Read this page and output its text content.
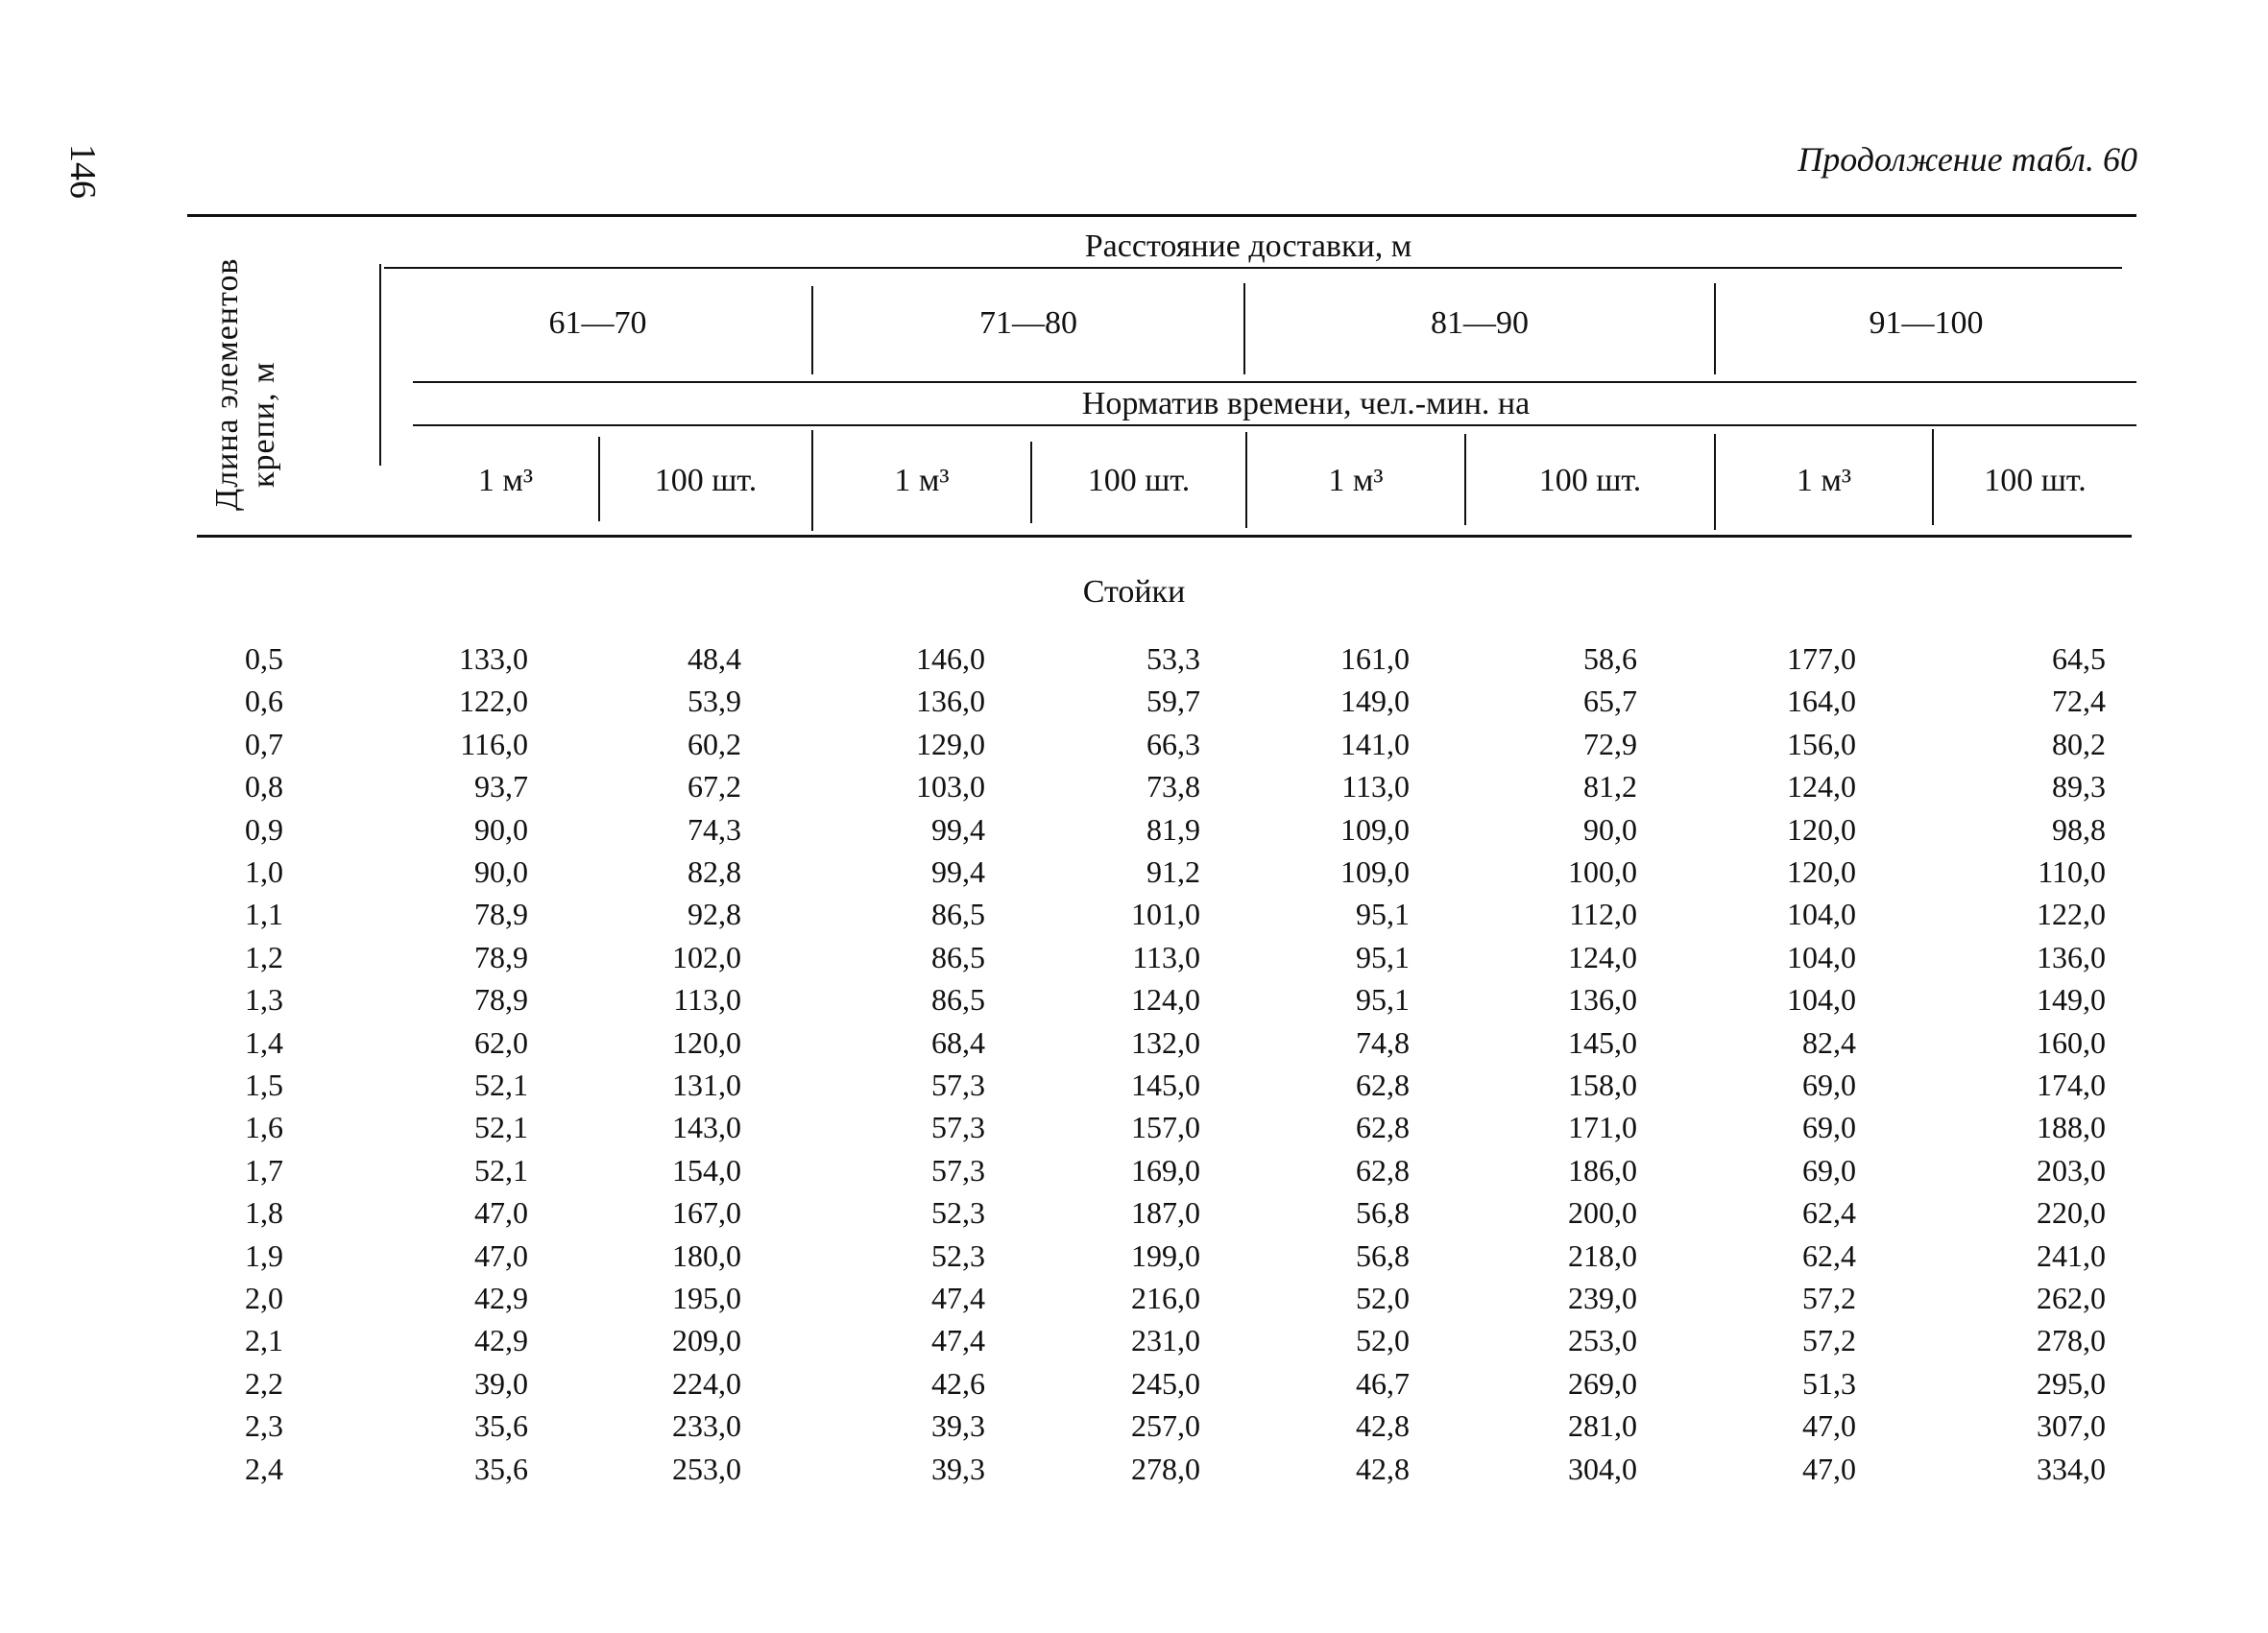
146	Продолжение табл. 60
Длина элементов крепи, м
Расстояние доставки, м
61—70	71—80	81—90	91—100
Норматив времени, чел.-мин. на
1 м³	100 шт.	1 м³	100 шт.	1 м³	100 шт.	1 м³	100 шт.
Стойки
0,5	133,0	48,4	146,0	53,3	161,0	58,6	177,0	64,5
0,6	122,0	53,9	136,0	59,7	149,0	65,7	164,0	72,4
0,7	116,0	60,2	129,0	66,3	141,0	72,9	156,0	80,2
0,8	93,7	67,2	103,0	73,8	113,0	81,2	124,0	89,3
0,9	90,0	74,3	99,4	81,9	109,0	90,0	120,0	98,8
1,0	90,0	82,8	99,4	91,2	109,0	100,0	120,0	110,0
1,1	78,9	92,8	86,5	101,0	95,1	112,0	104,0	122,0
1,2	78,9	102,0	86,5	113,0	95,1	124,0	104,0	136,0
1,3	78,9	113,0	86,5	124,0	95,1	136,0	104,0	149,0
1,4	62,0	120,0	68,4	132,0	74,8	145,0	82,4	160,0
1,5	52,1	131,0	57,3	145,0	62,8	158,0	69,0	174,0
1,6	52,1	143,0	57,3	157,0	62,8	171,0	69,0	188,0
1,7	52,1	154,0	57,3	169,0	62,8	186,0	69,0	203,0
1,8	47,0	167,0	52,3	187,0	56,8	200,0	62,4	220,0
1,9	47,0	180,0	52,3	199,0	56,8	218,0	62,4	241,0
2,0	42,9	195,0	47,4	216,0	52,0	239,0	57,2	262,0
2,1	42,9	209,0	47,4	231,0	52,0	253,0	57,2	278,0
2,2	39,0	224,0	42,6	245,0	46,7	269,0	51,3	295,0
2,3	35,6	233,0	39,3	257,0	42,8	281,0	47,0	307,0
2,4	35,6	253,0	39,3	278,0	42,8	304,0	47,0	334,0
